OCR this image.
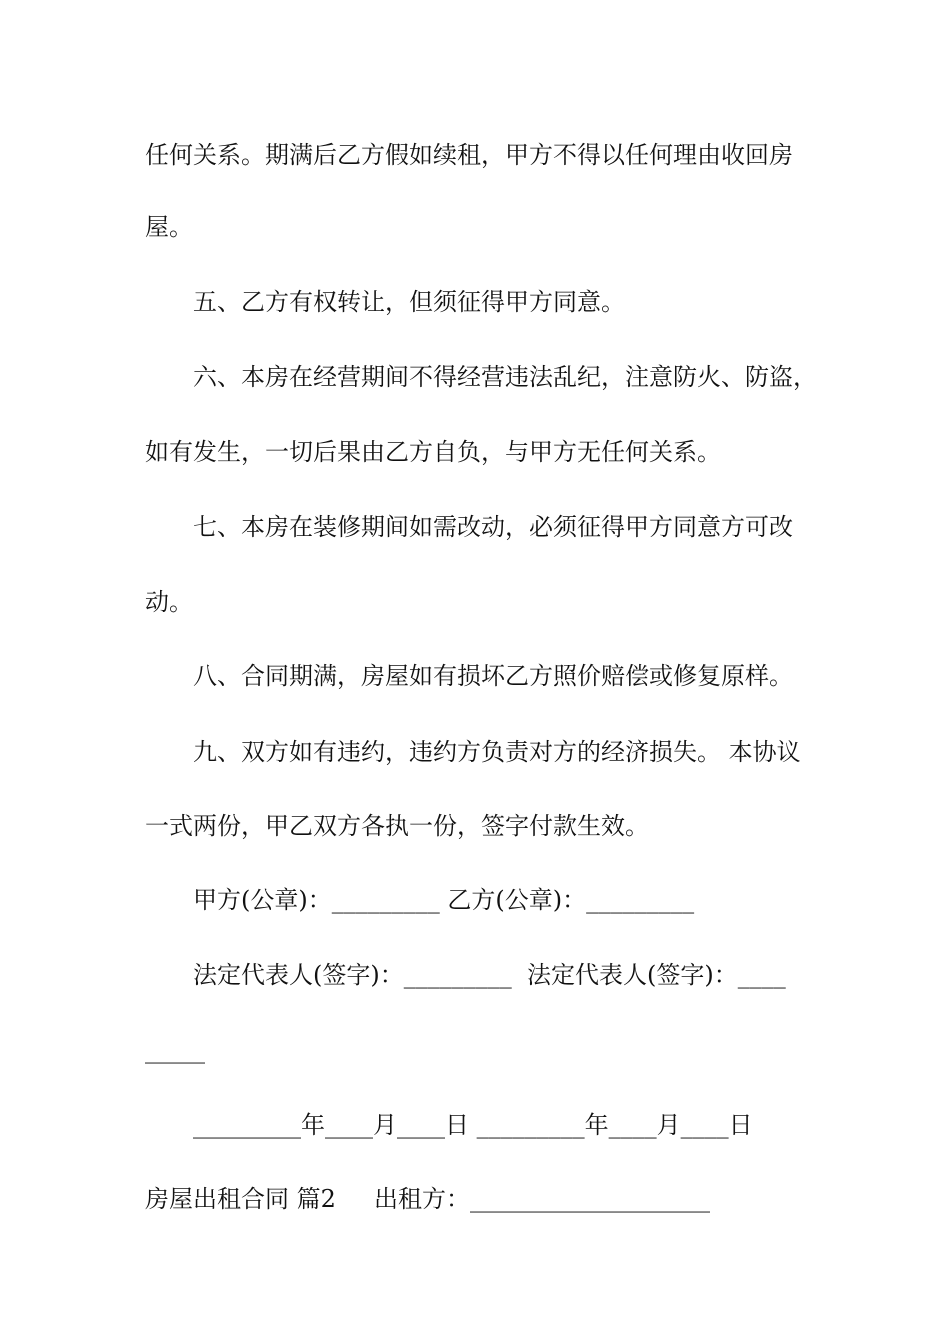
任何关系。期满后乙方假如续租，甲方不得以任何理由收回房
屋。
五、乙方有权转让，但须征得甲方同意。
六、本房在经营期间不得经营违法乱纪，注意防火、防盗，
如有发生，一切后果由乙方自负，与甲方无任何关系。
七、本房在装修期间如需改动，必须征得甲方同意方可改
动。
八、合同期满，房屋如有损坏乙方照价赔偿或修复原样。
九、双方如有违约，违约方负责对方的经济损失。 本协议
一式两份，甲乙双方各执一份，签字付款生效。
甲方(公章)：_________ 乙方(公章)：_________
法定代表人(签字)：_________  法定代表人(签字)：____
_____
_________年____月____日 _________年____月____日
房屋出租合同 篇2     出租方：____________________
